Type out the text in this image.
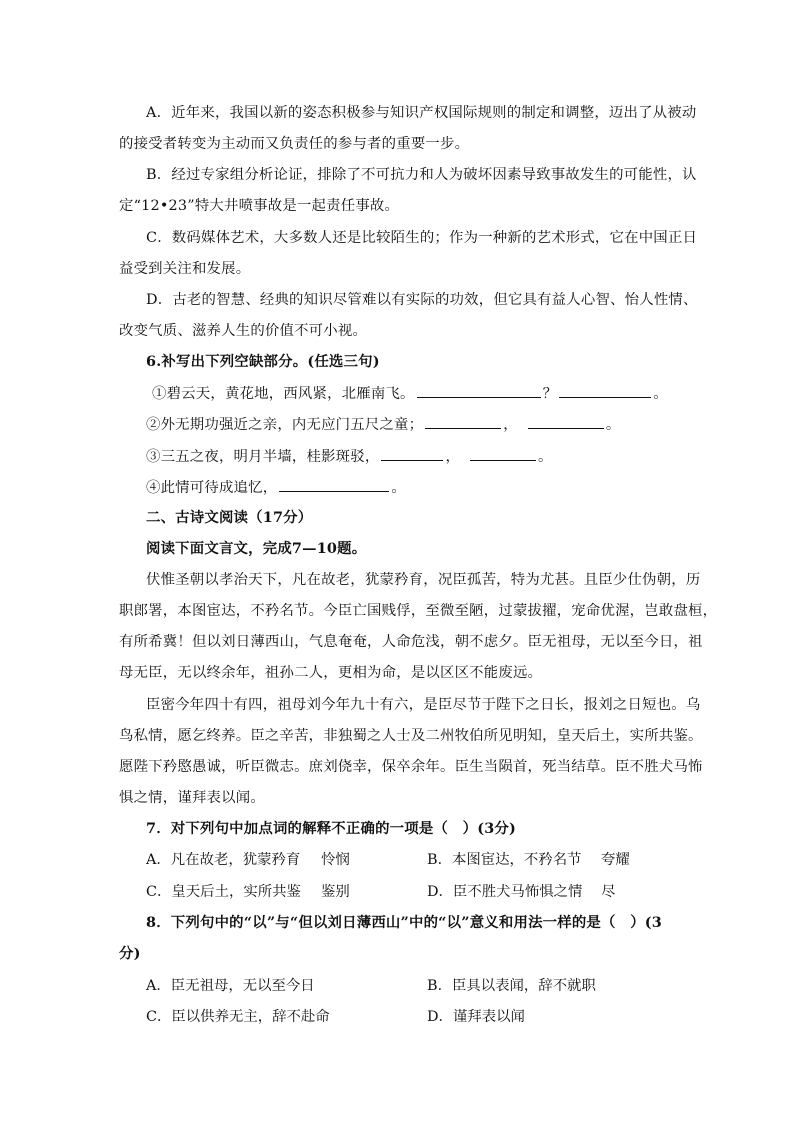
A．近年来，我国以新的姿态积极参与知识产权国际规则的制定和调整，迈出了从被动
的接受者转变为主动而又负责任的参与者的重要一步。
B．经过专家组分析论证，排除了不可抗力和人为破坏因素导致事故发生的可能性，认
定“12•23”特大井喷事故是一起责任事故。
C．数码媒体艺术，大多数人还是比较陌生的；作为一种新的艺术形式，它在中国正日
益受到关注和发展。
D．古老的智慧、经典的知识尽管难以有实际的功效，但它具有益人心智、怡人性情、
改变气质、滋养人生的价值不可小视。
6.补写出下列空缺部分。(任选三句)
①碧云天，黄花地，西风紧，北雁南飞。	？	。
②外无期功强近之亲，内无应门五尺之童；	，	。
③三五之夜，明月半墙，桂影斑驳，	，	。
④此情可待成追忆，	。
二、古诗文阅读（17分）
阅读下面文言文，完成7—10题。
伏惟圣朝以孝治天下，凡在故老，犹蒙矜育，况臣孤苦，特为尤甚。且臣少仕伪朝，历
职郎署，本图宦达，不矜名节。今臣亡国贱俘，至微至陋，过蒙拔擢，宠命优渥，岂敢盘桓，
有所希冀！但以刘日薄西山，气息奄奄，人命危浅，朝不虑夕。臣无祖母，无以至今日，祖
母无臣，无以终余年，祖孙二人，更相为命，是以区区不能废远。
臣密今年四十有四，祖母刘今年九十有六，是臣尽节于陛下之日长，报刘之日短也。乌
鸟私情，愿乞终养。臣之辛苦，非独蜀之人士及二州牧伯所见明知，皇天后土，实所共鉴。
愿陛下矜愍愚诚，听臣微志。庶刘侥幸，保卒余年。臣生当陨首，死当结草。臣不胜犬马怖
惧之情，谨拜表以闻。
7．对下列句中加点词的解释不正确的一项是（　）(3分)
A．凡在故老，犹蒙矜育 怜悯	B．本图宦达，不矜名节 夸耀
C．皇天后土，实所共鉴 鉴别	D．臣不胜犬马怖惧之情 尽
8．下列句中的“以”与“但以刘日薄西山”中的“以”意义和用法一样的是（　）(3
分)
A．臣无祖母，无以至今日	B．臣具以表闻，辞不就职
C．臣以供养无主，辞不赴命	D．谨拜表以闻
